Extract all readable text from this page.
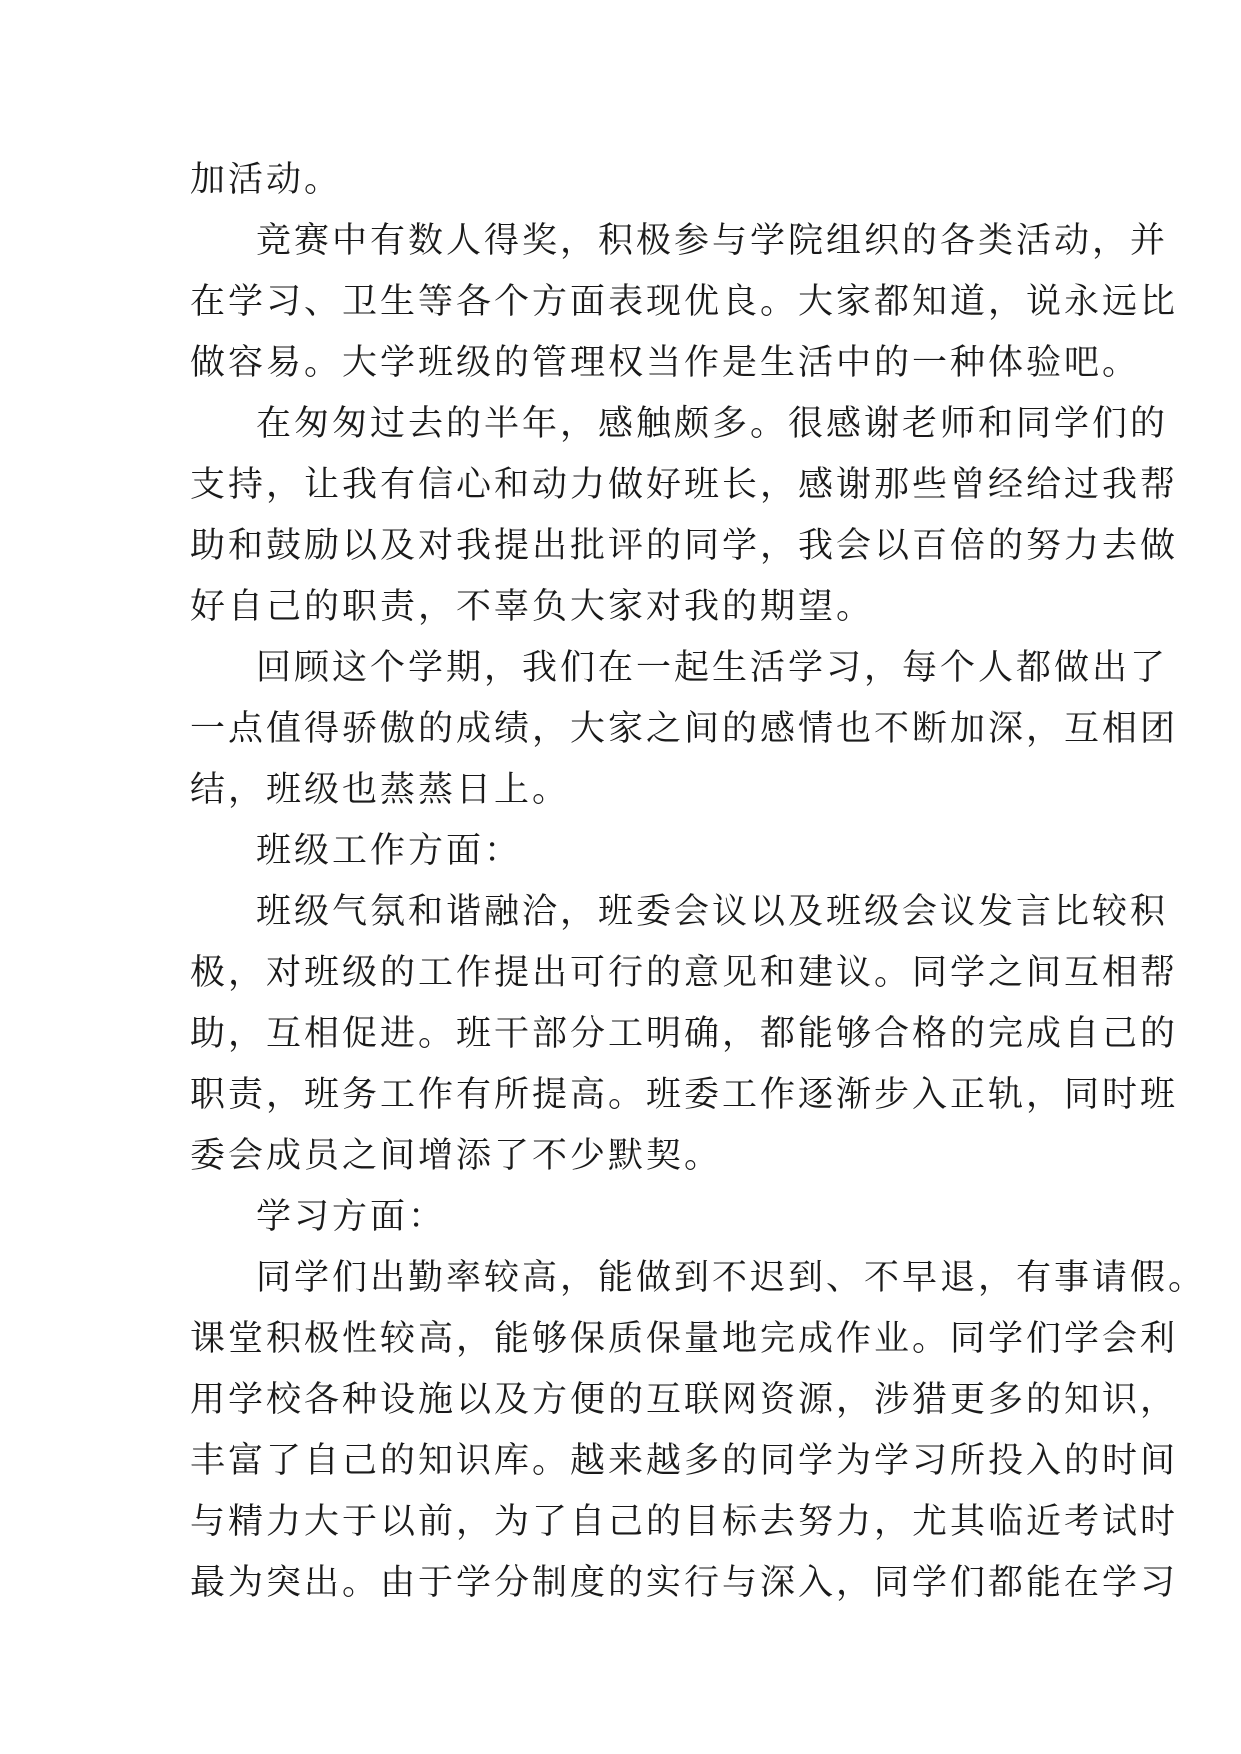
加活动。
竞赛中有数人得奖，积极参与学院组织的各类活动，并
在学习、卫生等各个方面表现优良。大家都知道，说永远比
做容易。大学班级的管理权当作是生活中的一种体验吧。
在匆匆过去的半年，感触颇多。很感谢老师和同学们的
支持，让我有信心和动力做好班长，感谢那些曾经给过我帮
助和鼓励以及对我提出批评的同学，我会以百倍的努力去做
好自己的职责，不辜负大家对我的期望。
回顾这个学期，我们在一起生活学习，每个人都做出了
一点值得骄傲的成绩，大家之间的感情也不断加深，互相团
结，班级也蒸蒸日上。
班级工作方面：
班级气氛和谐融洽，班委会议以及班级会议发言比较积
极，对班级的工作提出可行的意见和建议。同学之间互相帮
助，互相促进。班干部分工明确，都能够合格的完成自己的
职责，班务工作有所提高。班委工作逐渐步入正轨，同时班
委会成员之间增添了不少默契。
学习方面：
同学们出勤率较高，能做到不迟到、不早退，有事请假。
课堂积极性较高，能够保质保量地完成作业。同学们学会利
用学校各种设施以及方便的互联网资源，涉猎更多的知识，
丰富了自己的知识库。越来越多的同学为学习所投入的时间
与精力大于以前，为了自己的目标去努力，尤其临近考试时
最为突出。由于学分制度的实行与深入，同学们都能在学习
